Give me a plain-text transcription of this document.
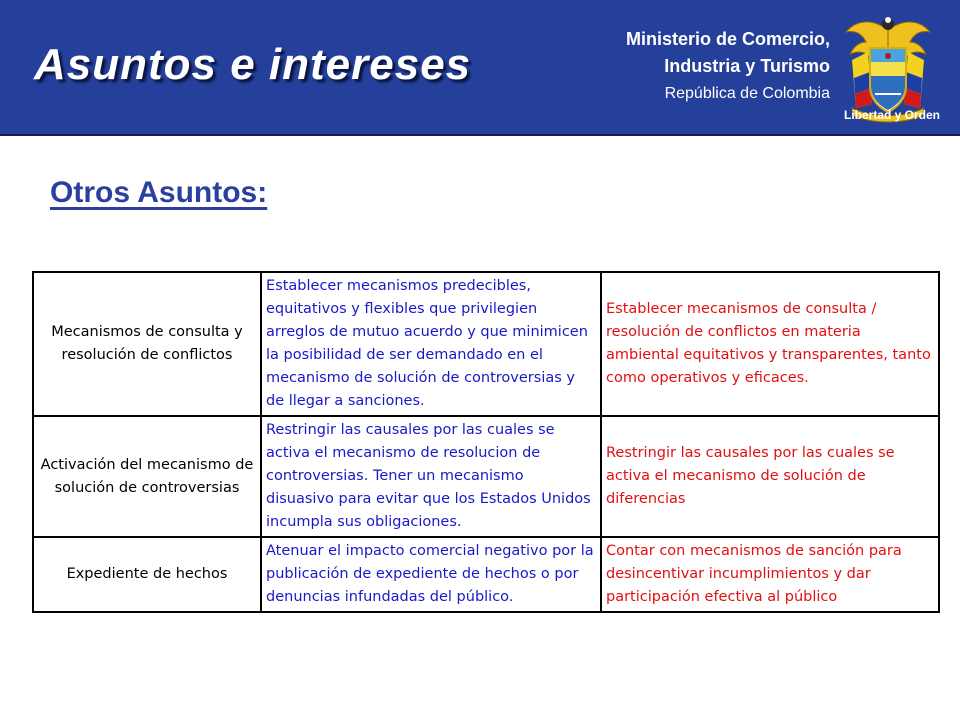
Asuntos e intereses
Ministerio de Comercio,
Industria y Turismo
República de Colombia
Libertad y Orden
Otros Asuntos:
Mecanismos de consulta y resolución de conflictos	Establecer mecanismos predecibles, equitativos y flexibles que privilegien arreglos de mutuo acuerdo y que minimicen la posibilidad de ser demandado en el mecanismo de solución de controversias y de llegar a sanciones.	Establecer mecanismos de consulta / resolución de conflictos en materia ambiental equitativos y transparentes, tanto como operativos y eficaces.
Activación del mecanismo de solución de controversias	Restringir las causales por las cuales se activa el mecanismo de resolucion de controversias. Tener un mecanismo disuasivo para evitar que los Estados Unidos incumpla sus obligaciones.	Restringir las causales por las cuales se activa el mecanismo de solución de diferencias
Expediente de hechos	Atenuar el impacto comercial negativo por la publicación de expediente de hechos o por denuncias infundadas del público.	Contar con mecanismos de sanción para desincentivar incumplimientos y dar participación efectiva al público
